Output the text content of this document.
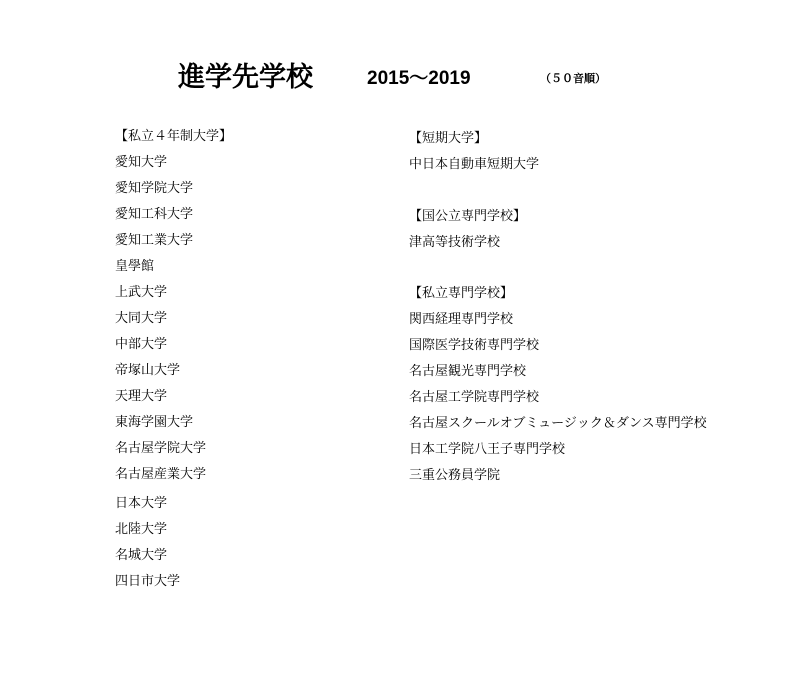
進学先学校	2015〜2019	（５０音順）
【私立４年制大学】
愛知大学
愛知学院大学
愛知工科大学
愛知工業大学
皇學館
上武大学
大同大学
中部大学
帝塚山大学
天理大学
東海学園大学
名古屋学院大学
名古屋産業大学
日本大学
北陸大学
名城大学
四日市大学
【短期大学】
中日本自動車短期大学
【国公立専門学校】
津高等技術学校
【私立専門学校】
関西経理専門学校
国際医学技術専門学校
名古屋観光専門学校
名古屋工学院専門学校
名古屋スクールオブミュージック＆ダンス専門学校
日本工学院八王子専門学校
三重公務員学院
